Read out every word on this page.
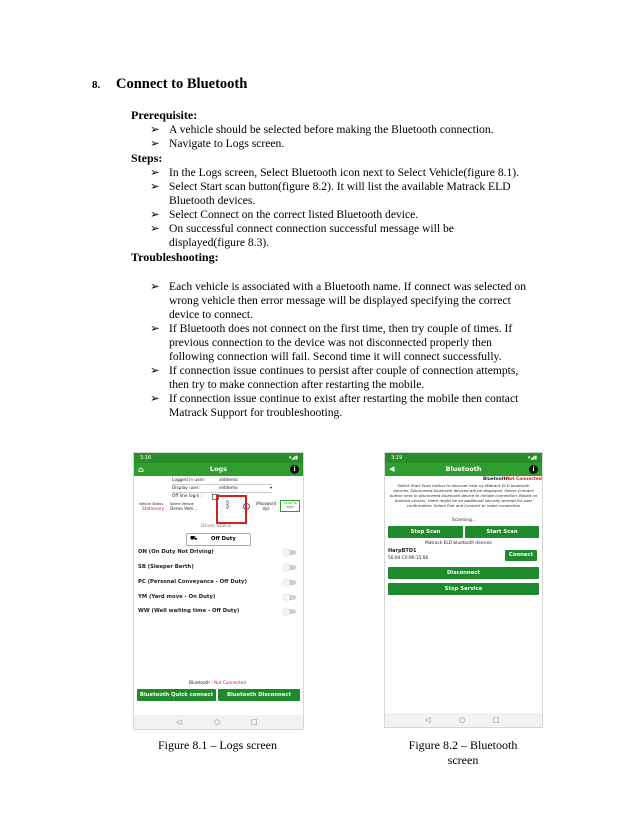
8. Connect to Bluetooth
Prerequisite:
➢ A vehicle should be selected before making the Bluetooth connection.
➢ Navigate to Logs screen.
Steps:
➢ In the Logs screen, Select Bluetooth icon next to Select Vehicle(figure 8.1).
➢ Select Start scan button(figure 8.2). It will list the available Matrack ELD
Bluetooth devices.
➢ Select Connect on the correct listed Bluetooth device.
➢ On successful connect connection successful message will be
displayed(figure 8.3).
Troubleshooting:
➢ Each vehicle is associated with a Bluetooth name. If connect was selected on
wrong vehicle then error message will be displayed specifying the correct
device to connect.
➢ If Bluetooth does not connect on the first time, then try couple of times. If
previous connection to the device was not disconnected properly then
following connection will fail. Second time it will connect successfully.
➢ If connection issue continues to persist after couple of connection attempts,
then try to make connection after restarting the mobile.
➢ If connection issue continue to exist after restarting the mobile then contact
Matrack Support for troubleshooting.
3:16	▾◢▮
⌂	Logs	i
Logged in user:	xlddemo
Display user:	xlddemo	▾
Off line login :
Vehicle Status
Stationary
Select Vehicle
Demo Vehi...	ᛒ	(Password Up)
Send To login
Driver Status
⛟	Off Duty
ON (On Duty Not Driving)
SB (Sleeper Berth)
PC (Personal Conveyance - Off Duty)
YM (Yard move - On Duty)
WW (Well waiting time - Off Duty)
Bluetooth : Not Connected
Bluetooth Quick connect	Bluetooth Disconnect
◁	○	□
Figure 8.1 – Logs screen
3:19	▾◢▮
◀	Bluetooth	i
Bluetooth :
Not Connected
Select Start Scan button to discover near by Matrack ELD bluetooth devices. Discovered bluetooth devices will be displayed. Select Connect button next to discovered bluetooth device to initiate connection. Based on Android version, there might be an additional security prompt for user confirmation. Select Pair and Connect to make connection
Scanning...
Stop Scan	Start Scan
Matrack ELD bluetooth devices
HarpBTD1
56:94:C0:96:15:80
Connect
Disconnect
Stop Service
◁	○	□
Figure 8.2 – Bluetooth
screen
